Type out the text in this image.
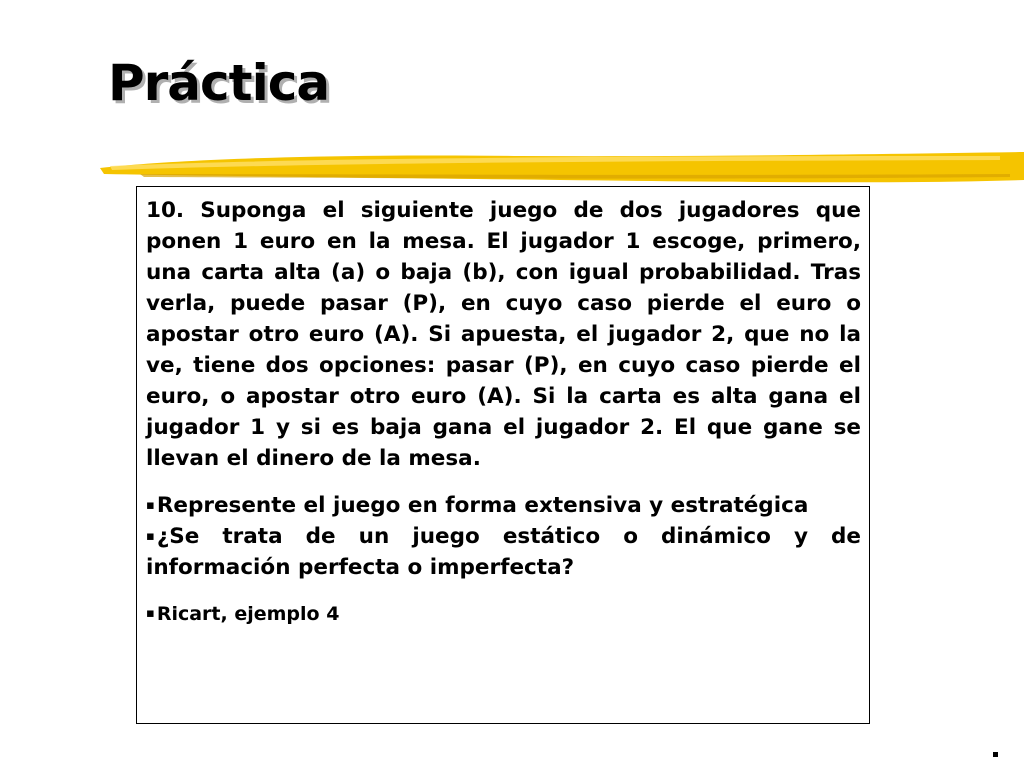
Práctica

10. Suponga el siguiente juego de dos jugadores que ponen 1 euro en la mesa. El jugador 1 escoge, primero, una carta alta (a) o baja (b), con igual probabilidad. Tras verla, puede pasar (P), en cuyo caso pierde el euro o apostar otro euro (A). Si apuesta, el jugador 2, que no la ve, tiene dos opciones: pasar (P), en cuyo caso pierde el euro, o apostar otro euro (A). Si la carta es alta gana el jugador 1 y si es baja gana el jugador 2. El que gane se llevan el dinero de la mesa.

▪Represente el juego en forma extensiva y estratégica

▪¿Se trata de un juego estático o dinámico y de información perfecta o imperfecta?

▪ Ricart, ejemplo 4
